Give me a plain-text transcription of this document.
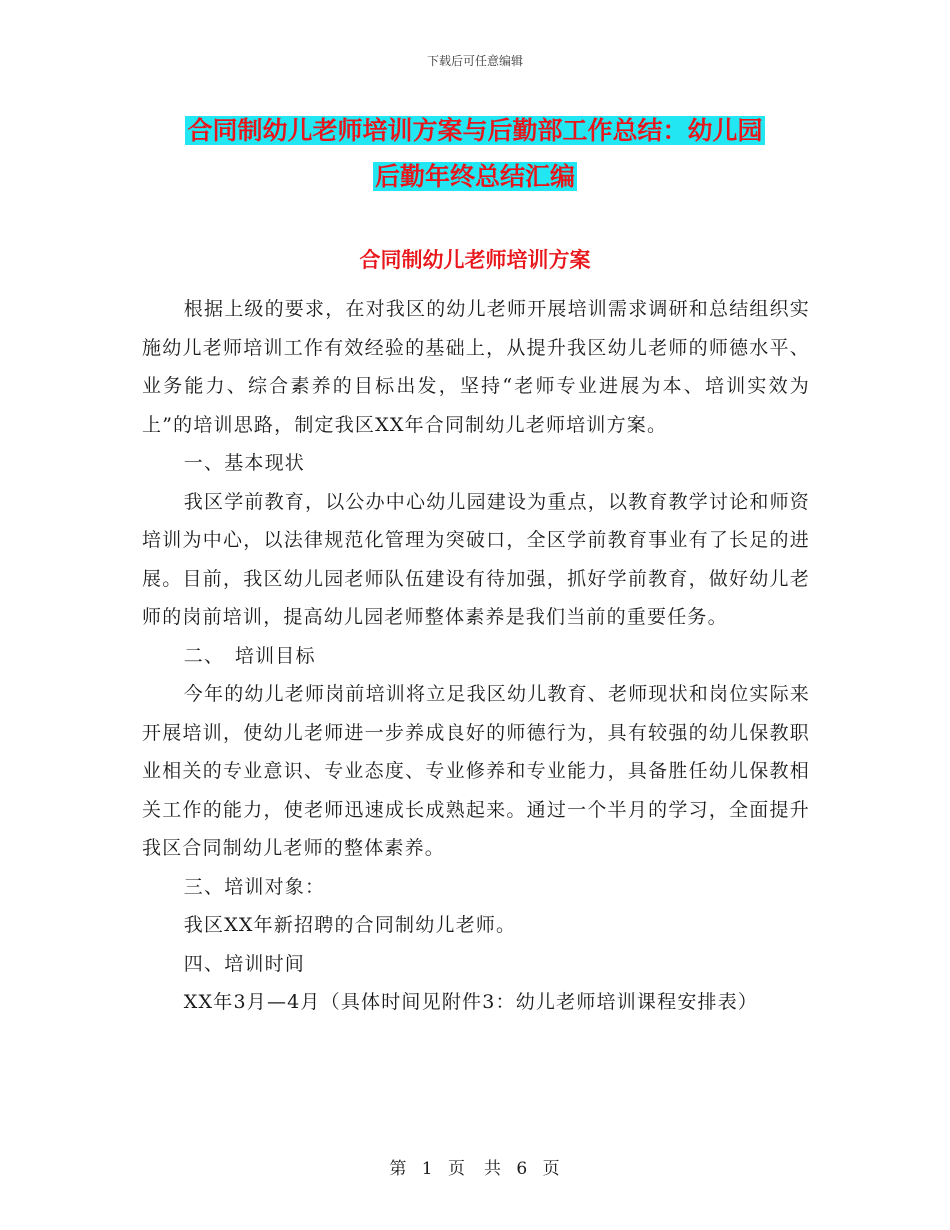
下载后可任意编辑
合同制幼儿老师培训方案与后勤部工作总结：幼儿园
后勤年终总结汇编
合同制幼儿老师培训方案

根据上级的要求，在对我区的幼儿老师开展培训需求调研和总结组织实施幼儿老师培训工作有效经验的基础上，从提升我区幼儿老师的师德水平、业务能力、综合素养的目标出发，坚持“老师专业进展为本、培训实效为上”的培训思路，制定我区XX年合同制幼儿老师培训方案。

一、基本现状

我区学前教育，以公办中心幼儿园建设为重点，以教育教学讨论和师资培训为中心，以法律规范化管理为突破口，全区学前教育事业有了长足的进展。目前，我区幼儿园老师队伍建设有待加强，抓好学前教育，做好幼儿老师的岗前培训，提高幼儿园老师整体素养是我们当前的重要任务。

二、　培训目标

今年的幼儿老师岗前培训将立足我区幼儿教育、老师现状和岗位实际来开展培训，使幼儿老师进一步养成良好的师德行为，具有较强的幼儿保教职业相关的专业意识、专业态度、专业修养和专业能力，具备胜任幼儿保教相关工作的能力，使老师迅速成长成熟起来。通过一个半月的学习，全面提升我区合同制幼儿老师的整体素养。

三、培训对象：

我区XX年新招聘的合同制幼儿老师。

四、培训时间

XX年3月—4月（具体时间见附件3：幼儿老师培训课程安排表）

第 1 页　共 6 页
